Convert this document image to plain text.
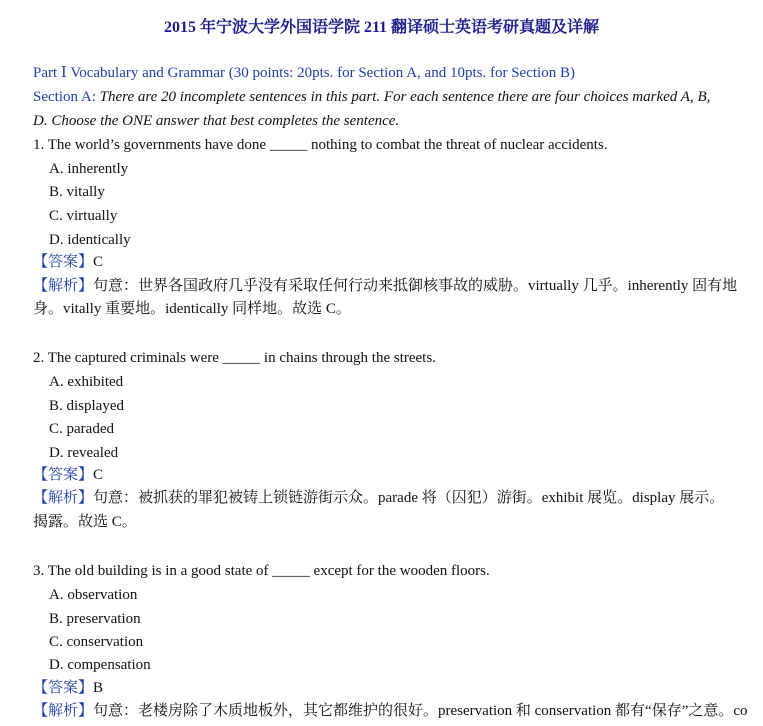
2015 年宁波大学外国语学院 211 翻译硕士英语考研真题及详解
Part Ⅰ Vocabulary and Grammar (30 points: 20pts. for Section A, and 10pts. for Section B)
Section A: There are 20 incomplete sentences in this part. For each sentence there are four choices marked A, B,
D. Choose the ONE answer that best completes the sentence.
1. The world’s governments have done _____ nothing to combat the threat of nuclear accidents.
A. inherently
B. vitally
C. virtually
D. identically
【答案】C
【解析】句意：世界各国政府几乎没有采取任何行动来抵御核事故的威胁。virtually 几乎。inherently 固有地
身。vitally 重要地。identically 同样地。故选 C。
2. The captured criminals were _____ in chains through the streets.
A. exhibited
B. displayed
C. paraded
D. revealed
【答案】C
【解析】句意：被抓获的罪犯被铸上锁链游街示众。parade 将（囚犯）游街。exhibit 展览。display 展示。
揭露。故选 C。
3. The old building is in a good state of _____ except for the wooden floors.
A. observation
B. preservation
C. conservation
D. compensation
【答案】B
【解析】句意：老楼房除了木质地板外，其它都维护的很好。preservation 和 conservation 都有“保存”之意。co
